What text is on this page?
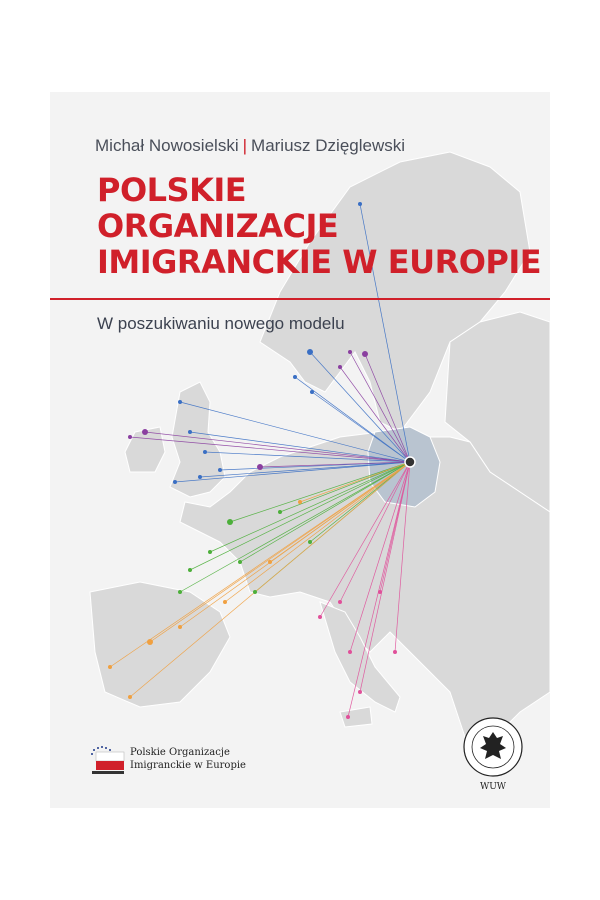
Michał Nowosielski | Mariusz Dzięglewski
POLSKIE
ORGANIZACJE
IMIGRANCKIE W EUROPIE
W poszukiwaniu nowego modelu
Polskie Organizacje
Imigranckie w Europie
WUW
